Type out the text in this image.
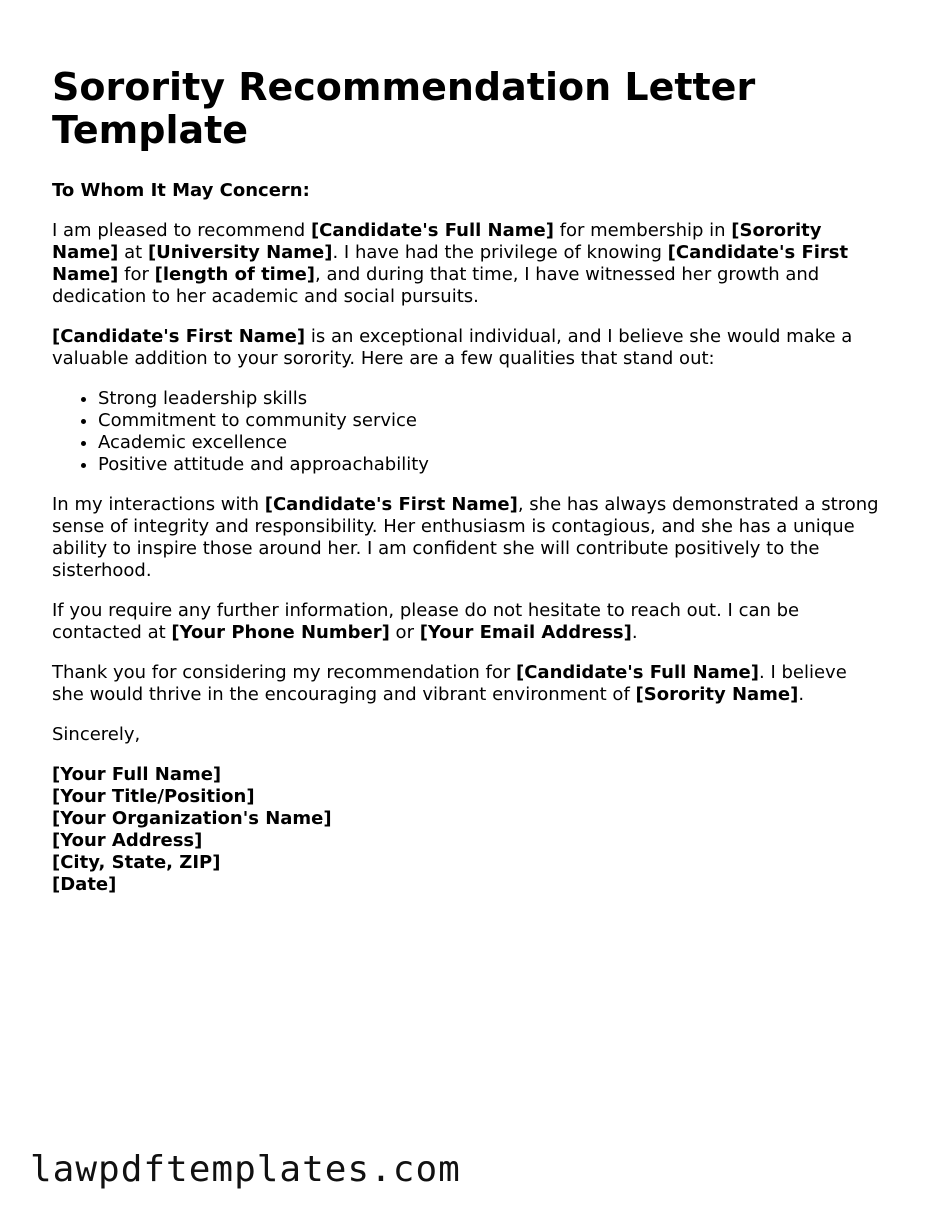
Sorority Recommendation Letter Template
To Whom It May Concern:

I am pleased to recommend [Candidate's Full Name] for membership in [Sorority Name] at [University Name]. I have had the privilege of knowing [Candidate's First Name] for [length of time], and during that time, I have witnessed her growth and dedication to her academic and social pursuits.

[Candidate's First Name] is an exceptional individual, and I believe she would make a valuable addition to your sorority. Here are a few qualities that stand out:

• Strong leadership skills
• Commitment to community service
• Academic excellence
• Positive attitude and approachability

In my interactions with [Candidate's First Name], she has always demonstrated a strong sense of integrity and responsibility. Her enthusiasm is contagious, and she has a unique ability to inspire those around her. I am confident she will contribute positively to the sisterhood.

If you require any further information, please do not hesitate to reach out. I can be contacted at [Your Phone Number] or [Your Email Address].

Thank you for considering my recommendation for [Candidate's Full Name]. I believe she would thrive in the encouraging and vibrant environment of [Sorority Name].

Sincerely,

[Your Full Name]
[Your Title/Position]
[Your Organization's Name]
[Your Address]
[City, State, ZIP]
[Date]
lawpdftemplates.com
